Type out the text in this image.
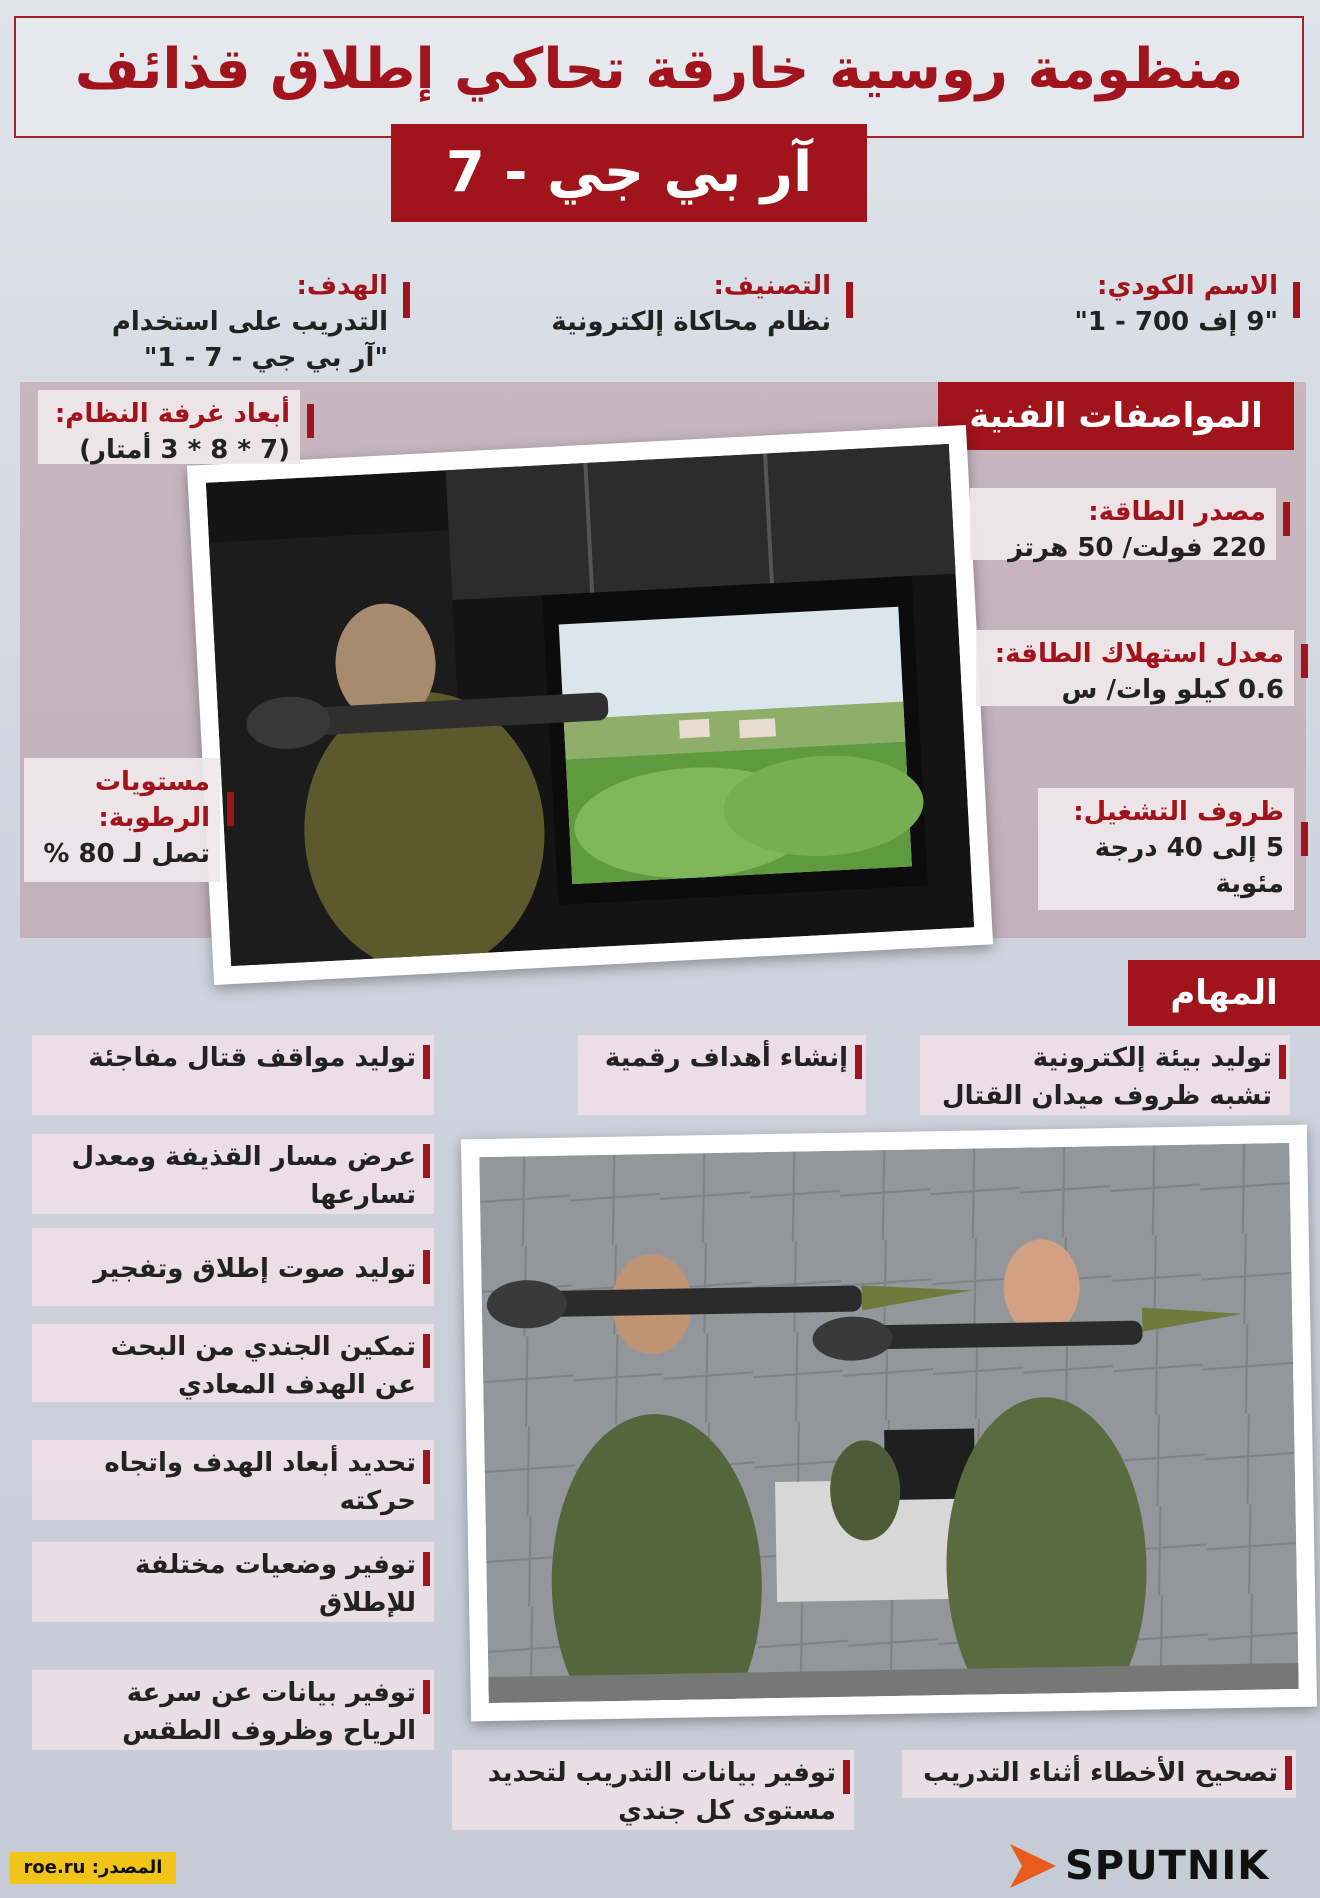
منظومة روسية خارقة تحاكي إطلاق قذائف
آر بي جي - 7
الاسم الكودي:
"9 إف 700 - 1"
التصنيف:
نظام محاكاة إلكترونية
الهدف:
التدريب على استخدام
"آر بي جي - 7 - 1"
المواصفات الفنية
أبعاد غرفة النظام:
(7 * 8 * 3 أمتار)
مصدر الطاقة:
220 فولت/ 50 هرتز
معدل استهلاك الطاقة:
0.6 كيلو وات/ س
ظروف التشغيل:
5 إلى 40 درجة
مئوية
مستويات
الرطوبة:
تصل لـ 80 %
المهام
توليد بيئة إلكترونية
تشبه ظروف ميدان القتال
إنشاء أهداف رقمية
توليد مواقف قتال مفاجئة
عرض مسار القذيفة ومعدل
تسارعها
توليد صوت إطلاق وتفجير
تمكين الجندي من البحث
عن الهدف المعادي
تحديد أبعاد الهدف واتجاه
حركته
توفير وضعيات مختلفة
للإطلاق
توفير بيانات عن سرعة
الرياح وظروف الطقس
توفير بيانات التدريب لتحديد
مستوى كل جندي
تصحيح الأخطاء أثناء التدريب
المصدر: roe.ru	SPUTNIK
